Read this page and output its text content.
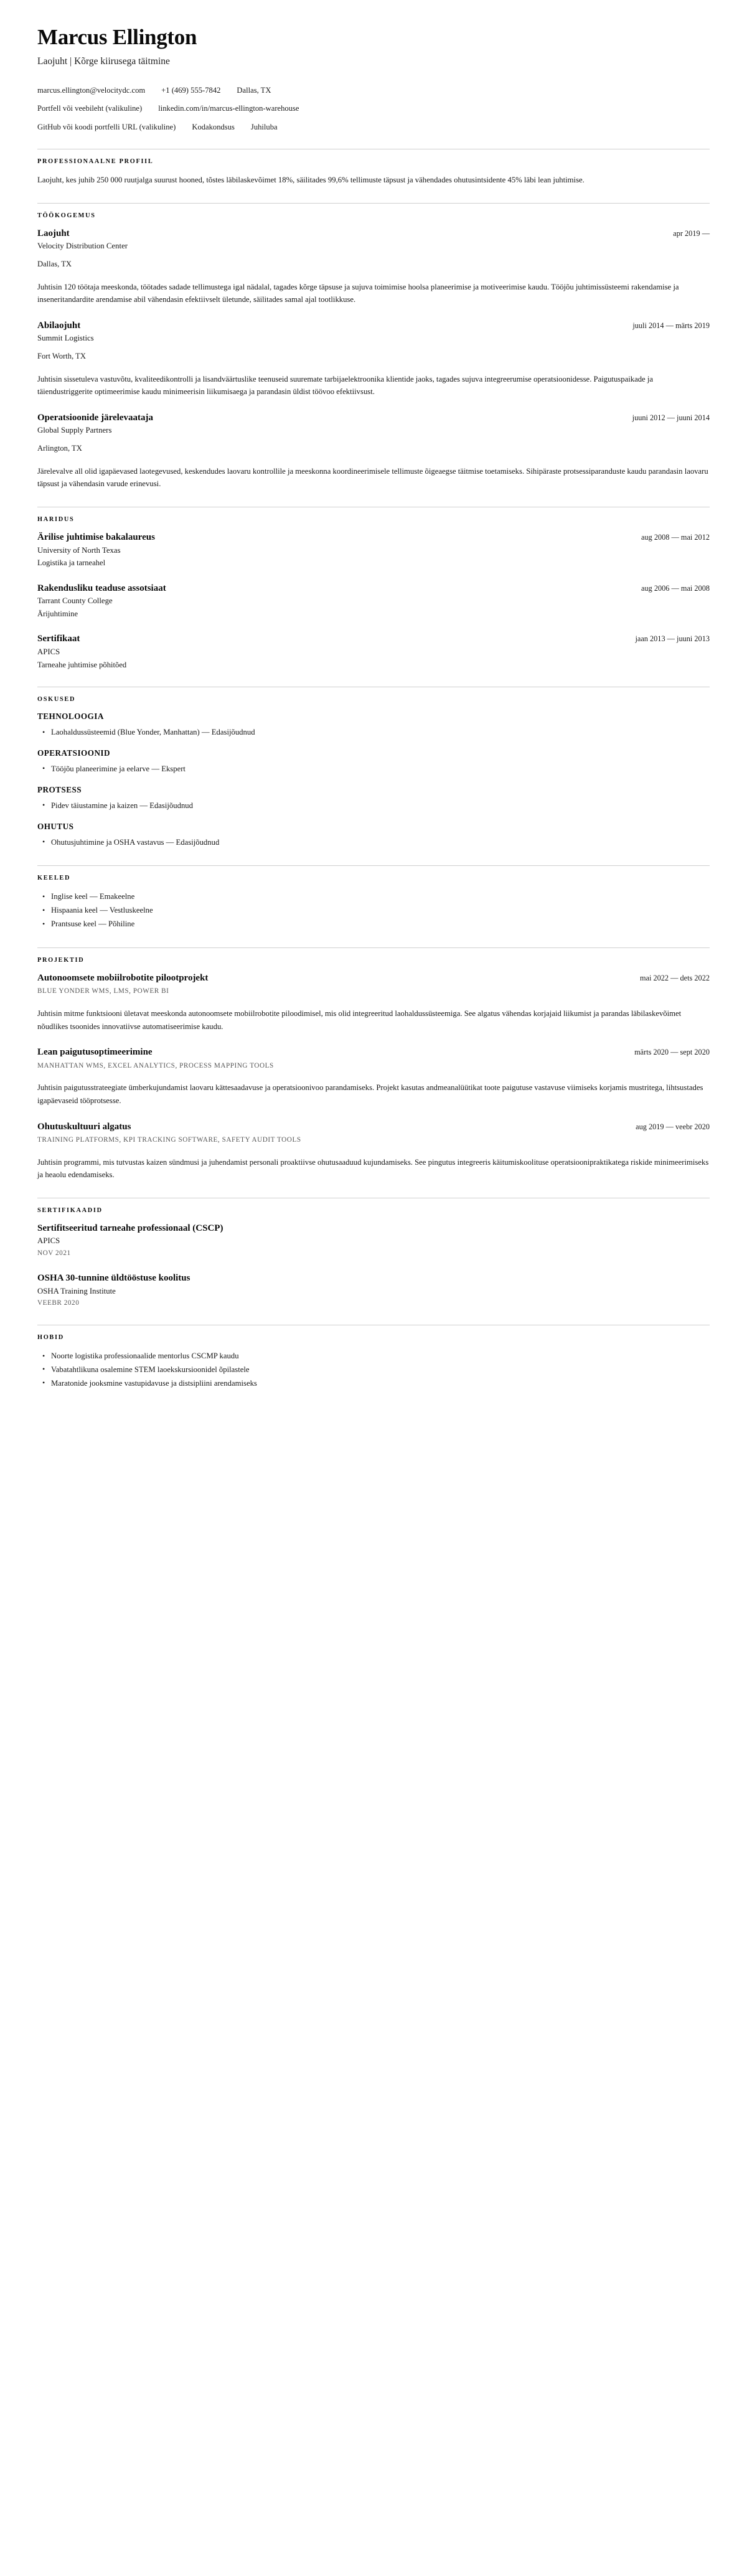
Marcus Ellington
Laojuht | Kõrge kiirusega täitmine
marcus.ellington@velocitydc.com +1 (469) 555-7842 Dallas, TX
Portfell või veebileht (valikuline) linkedin.com/in/marcus-ellington-warehouse
GitHub või koodi portfelli URL (valikuline) Kodakondsus Juhiluba
PROFESSIONAALNE PROFIIL

Laojuht, kes juhib 250 000 ruutjalga suurust hooned, tõstes läbilaskevõimet 18%, säilitades 99,6% tellimuste täpsust ja vähendades ohutusintsidente 45% läbi lean juhtimise.

TÖÖKOGEMUS
Laojuht	apr 2019 —
Velocity Distribution Center
Dallas, TX
Juhtisin 120 töötaja meeskonda, töötades sadade tellimustega igal nädalal, tagades kõrge täpsuse ja sujuva toimimise hoolsa planeerimise ja motiveerimise kaudu. Tööjõu juhtimissüsteemi rakendamise ja inseneritandardite arendamise abil vähendasin efektiivselt ületunde, säilitades samal ajal tootlikkuse.
Abilaojuht	juuli 2014 — märts 2019
Summit Logistics
Fort Worth, TX
Juhtisin sissetuleva vastuvõtu, kvaliteedikontrolli ja lisandväärtuslike teenuseid suuremate tarbijaelektroonika klientide jaoks, tagades sujuva integreerumise operatsioonidesse. Paigutuspaikade ja täiendustriggerite optimeerimise kaudu minimeerisin liikumisaega ja parandasin üldist töövoo efektiivsust.
Operatsioonide järelevaataja	juuni 2012 — juuni 2014
Global Supply Partners
Arlington, TX
Järelevalve all olid igapäevased laotegevused, keskendudes laovaru kontrollile ja meeskonna koordineerimisele tellimuste õigeaegse täitmise toetamiseks. Sihipäraste protsessiparanduste kaudu parandasin laovaru täpsust ja vähendasin varude erinevusi.
HARIDUS
Ärilise juhtimise bakalaureus	aug 2008 — mai 2012
University of North Texas
Logistika ja tarneahel
Rakendusliku teaduse assotsiaat	aug 2006 — mai 2008
Tarrant County College
Ärijuhtimine
Sertifikaat	jaan 2013 — juuni 2013
APICS
Tarneahe juhtimise põhitõed
OSKUSED
TEHNOLOOGIA
• Laohaldussüsteemid (Blue Yonder, Manhattan) — Edasijõudnud
OPERATSIOONID
• Tööjõu planeerimine ja eelarve — Ekspert
PROTSESS
• Pidev täiustamine ja kaizen — Edasijõudnud
OHUTUS
• Ohutusjuhtimine ja OSHA vastavus — Edasijõudnud
KEELED
• Inglise keel — Emakeelne
• Hispaania keel — Vestluskeelne
• Prantsuse keel — Põhiline
PROJEKTID
Autonoomsete mobiilrobotite pilootprojekt	mai 2022 — dets 2022
BLUE YONDER WMS, LMS, POWER BI
Juhtisin mitme funktsiooni ületavat meeskonda autonoomsete mobiilrobotite piloodimisel, mis olid integreeritud laohaldussüsteemiga. See algatus vähendas korjajaid liikumist ja parandas läbilaskevõimet nõudlikes tsoonides innovatiivse automatiseerimise kaudu.
Lean paigutusoptimeerimine	märts 2020 — sept 2020
MANHATTAN WMS, EXCEL ANALYTICS, PROCESS MAPPING TOOLS
Juhtisin paigutusstrateegiate ümberkujundamist laovaru kättesaadavuse ja operatsioonivoo parandamiseks. Projekt kasutas andmeanalüütikat toote paigutuse vastavuse viimiseks korjamis mustritega, lihtsustades igapäevaseid tööprotsesse.
Ohutuskultuuri algatus	aug 2019 — veebr 2020
TRAINING PLATFORMS, KPI TRACKING SOFTWARE, SAFETY AUDIT TOOLS
Juhtisin programmi, mis tutvustas kaizen sündmusi ja juhendamist personali proaktiivse ohutusaaduud kujundamiseks. See pingutus integreeris käitumiskoolituse operatsioonipraktikatega riskide minimeerimiseks ja heaolu edendamiseks.
SERTIFIKAADID
Sertifitseeritud tarneahe professionaal (CSCP)
APICS
NOV 2021
OSHA 30-tunnine üldtööstuse koolitus
OSHA Training Institute
VEEBR 2020
HOBID
• Noorte logistika professionaalide mentorlus CSCMP kaudu
• Vabatahtlikuna osalemine STEM laoekskursioonidel õpilastele
• Maratonide jooksmine vastupidavuse ja distsipliini arendamiseks
